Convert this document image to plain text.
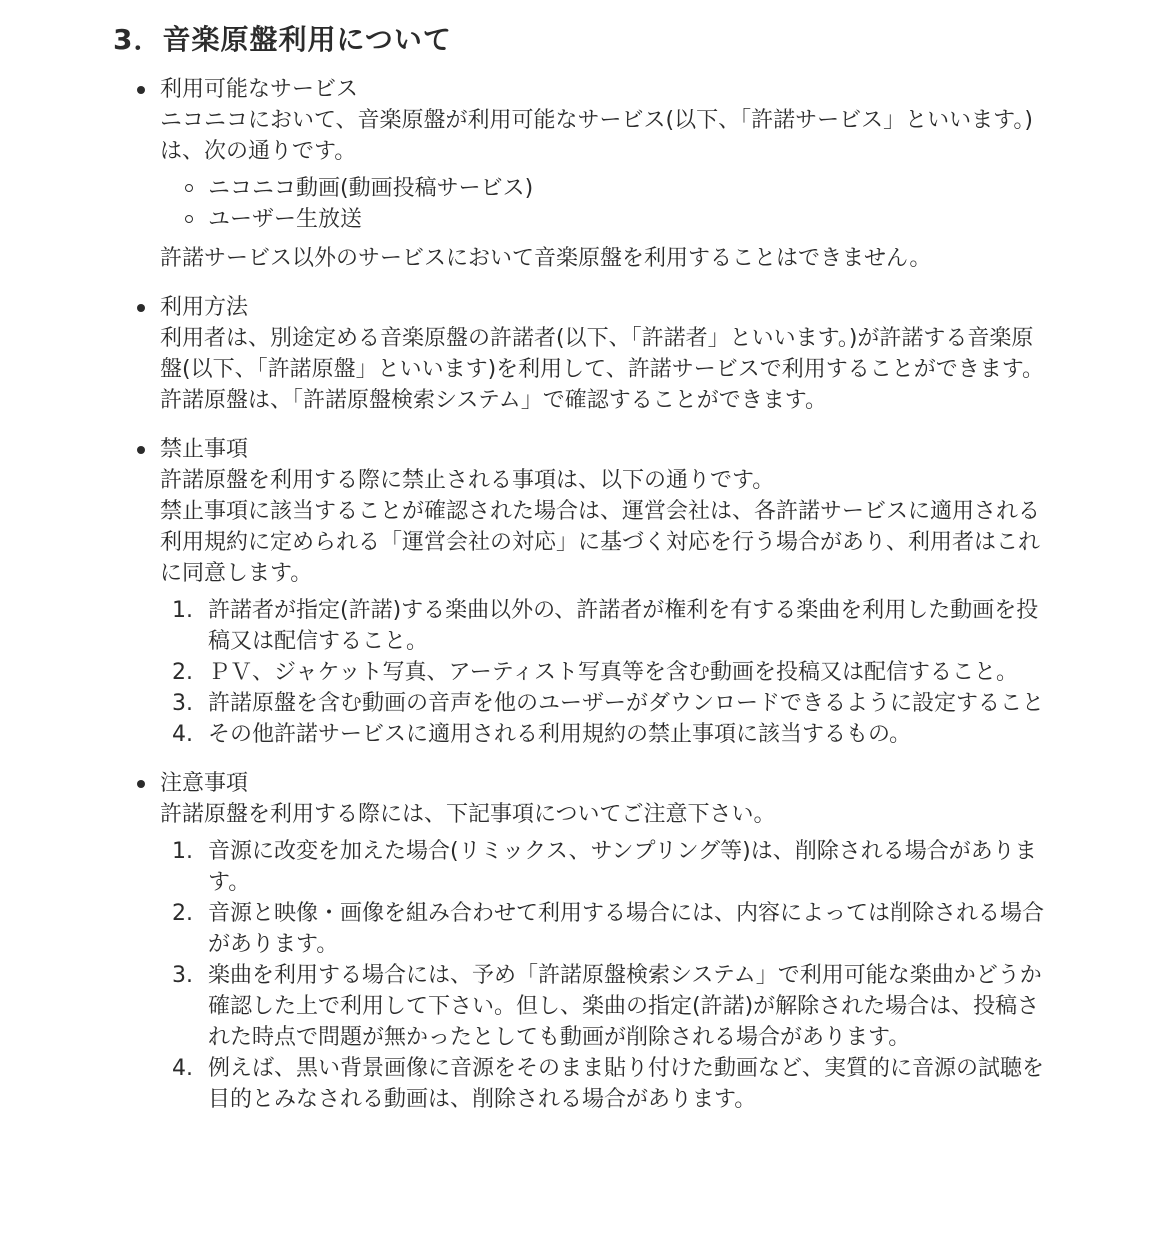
3．音楽原盤利用について
利用可能なサービス

ニコニコにおいて、音楽原盤が利用可能なサービス(以下、「許諾サービス」といいます。)は、次の通りです。

ニコニコ動画(動画投稿サービス)
ユーザー生放送

許諾サービス以外のサービスにおいて音楽原盤を利用することはできません。

利用方法

利用者は、別途定める音楽原盤の許諾者(以下、「許諾者」といいます。)が許諾する音楽原盤(以下、「許諾原盤」といいます)を利用して、許諾サービスで利用することができます。許諾原盤は、「許諾原盤検索システム」で確認することができます。

禁止事項

許諾原盤を利用する際に禁止される事項は、以下の通りです。

禁止事項に該当することが確認された場合は、運営会社は、各許諾サービスに適用される利用規約に定められる「運営会社の対応」に基づく対応を行う場合があり、利用者はこれに同意します。

1. 許諾者が指定(許諾)する楽曲以外の、許諾者が権利を有する楽曲を利用した動画を投稿又は配信すること。
2. ＰＶ、ジャケット写真、アーティスト写真等を含む動画を投稿又は配信すること。
3. 許諾原盤を含む動画の音声を他のユーザーがダウンロードできるように設定すること
4. その他許諾サービスに適用される利用規約の禁止事項に該当するもの。
注意事項

許諾原盤を利用する際には、下記事項についてご注意下さい。

1. 音源に改変を加えた場合(リミックス、サンプリング等)は、削除される場合があります。
2. 音源と映像・画像を組み合わせて利用する場合には、内容によっては削除される場合があります。
3. 楽曲を利用する場合には、予め「許諾原盤検索システム」で利用可能な楽曲かどうか確認した上で利用して下さい。但し、楽曲の指定(許諾)が解除された場合は、投稿された時点で問題が無かったとしても動画が削除される場合があります。
4. 例えば、黒い背景画像に音源をそのまま貼り付けた動画など、実質的に音源の試聴を目的とみなされる動画は、削除される場合があります。
